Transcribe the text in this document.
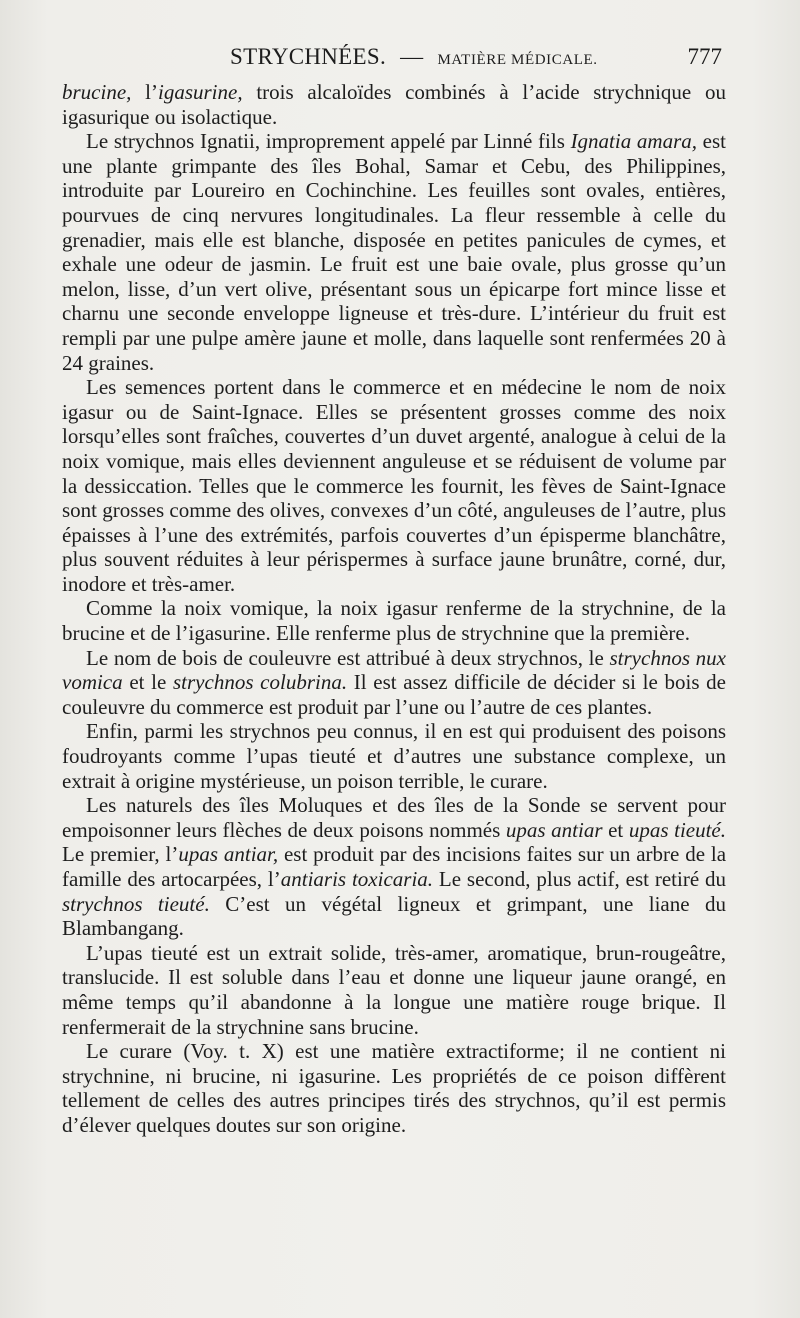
STRYCHNÉES. — MATIÈRE MÉDICALE.	777

brucine, l’igasurine, trois alcaloïdes combinés à l’acide strychnique ou igasurique ou isolactique.

Le strychnos Ignatii, improprement appelé par Linné fils Ignatia amara, est une plante grimpante des îles Bohal, Samar et Cebu, des Philippines, introduite par Loureiro en Cochinchine. Les feuilles sont ovales, entières, pourvues de cinq nervures longitudinales. La fleur ressemble à celle du grenadier, mais elle est blanche, disposée en petites panicules de cymes, et exhale une odeur de jasmin. Le fruit est une baie ovale, plus grosse qu’un melon, lisse, d’un vert olive, présentant sous un épicarpe fort mince lisse et charnu une seconde enveloppe ligneuse et très-dure. L’intérieur du fruit est rempli par une pulpe amère jaune et molle, dans laquelle sont renfermées 20 à 24 graines.

Les semences portent dans le commerce et en médecine le nom de noix igasur ou de Saint-Ignace. Elles se présentent grosses comme des noix lorsqu’elles sont fraîches, couvertes d’un duvet argenté, analogue à celui de la noix vomique, mais elles deviennent anguleuse et se réduisent de volume par la dessiccation. Telles que le commerce les fournit, les fèves de Saint-Ignace sont grosses comme des olives, convexes d’un côté, anguleuses de l’autre, plus épaisses à l’une des extrémités, parfois couvertes d’un épisperme blanchâtre, plus souvent réduites à leur périspermes à surface jaune brunâtre, corné, dur, inodore et très-amer.

Comme la noix vomique, la noix igasur renferme de la strychnine, de la brucine et de l’igasurine. Elle renferme plus de strychnine que la première.

Le nom de bois de couleuvre est attribué à deux strychnos, le strychnos nux vomica et le strychnos colubrina. Il est assez difficile de décider si le bois de couleuvre du commerce est produit par l’une ou l’autre de ces plantes.

Enfin, parmi les strychnos peu connus, il en est qui produisent des poisons foudroyants comme l’upas tieuté et d’autres une substance complexe, un extrait à origine mystérieuse, un poison terrible, le curare.

Les naturels des îles Moluques et des îles de la Sonde se servent pour empoisonner leurs flèches de deux poisons nommés upas antiar et upas tieuté. Le premier, l’upas antiar, est produit par des incisions faites sur un arbre de la famille des artocarpées, l’antiaris toxicaria. Le second, plus actif, est retiré du strychnos tieuté. C’est un végétal ligneux et grimpant, une liane du Blambangang.

L’upas tieuté est un extrait solide, très-amer, aromatique, brun-rougeâtre, translucide. Il est soluble dans l’eau et donne une liqueur jaune orangé, en même temps qu’il abandonne à la longue une matière rouge brique. Il renfermerait de la strychnine sans brucine.

Le curare (Voy. t. X) est une matière extractiforme; il ne contient ni strychnine, ni brucine, ni igasurine. Les propriétés de ce poison diffèrent tellement de celles des autres principes tirés des strychnos, qu’il est permis d’élever quelques doutes sur son origine.
